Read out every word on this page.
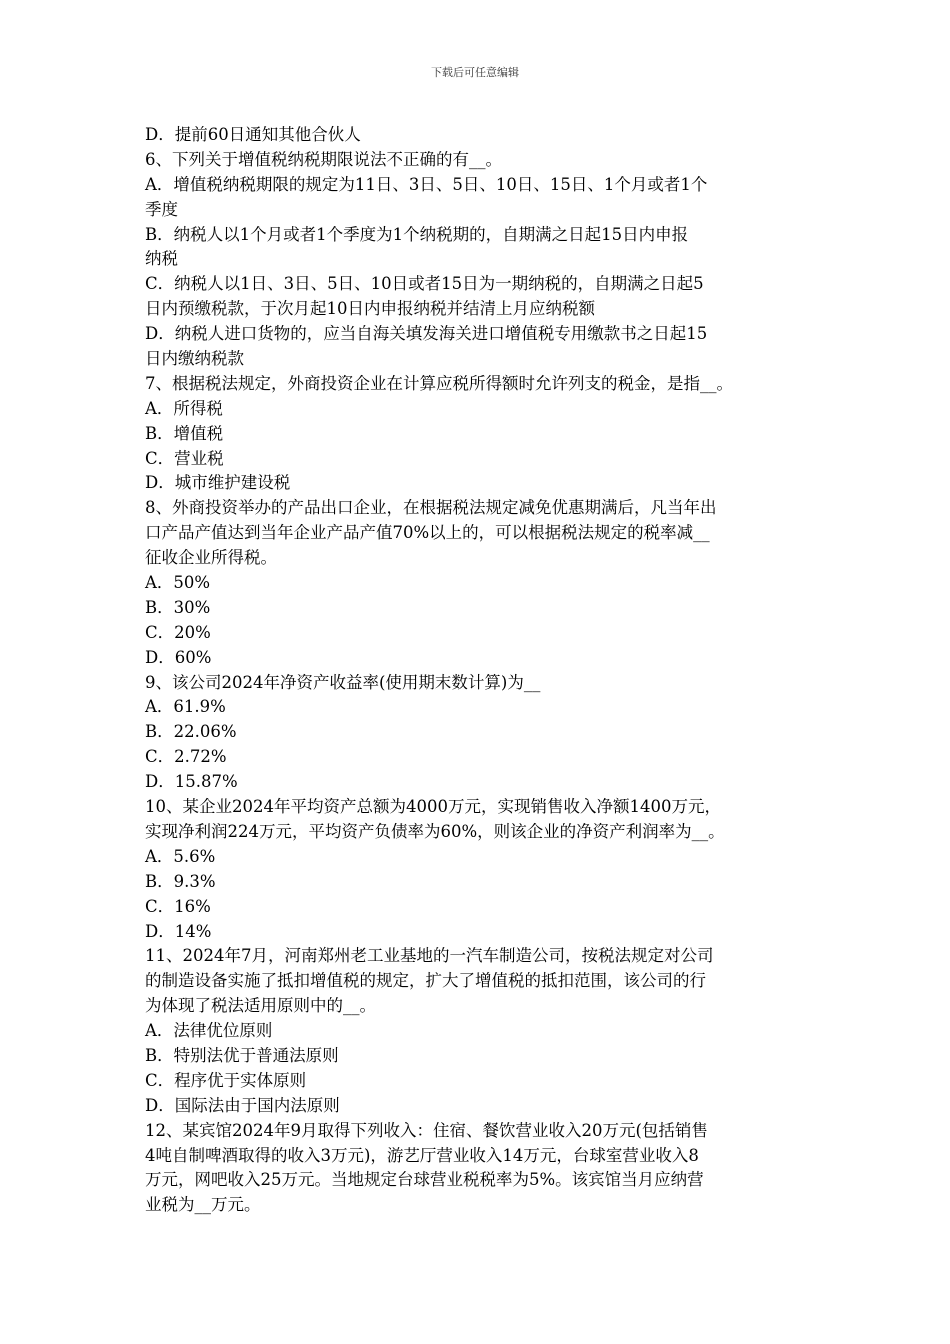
下载后可任意编辑
D．提前60日通知其他合伙人
6、下列关于增值税纳税期限说法不正确的有__。
A．增值税纳税期限的规定为11日、3日、5日、10日、15日、1个月或者1个
季度
B．纳税人以1个月或者1个季度为1个纳税期的，自期满之日起15日内申报
纳税
C．纳税人以1日、3日、5日、10日或者15日为一期纳税的，自期满之日起5
日内预缴税款，于次月起10日内申报纳税并结清上月应纳税额
D．纳税人进口货物的，应当自海关填发海关进口增值税专用缴款书之日起15
日内缴纳税款
7、根据税法规定，外商投资企业在计算应税所得额时允许列支的税金，是指__。
A．所得税
B．增值税
C．营业税
D．城市维护建设税
8、外商投资举办的产品出口企业，在根据税法规定减免优惠期满后，凡当年出
口产品产值达到当年企业产品产值70%以上的，可以根据税法规定的税率减__
征收企业所得税。
A．50%
B．30%
C．20%
D．60%
9、该公司2024年净资产收益率(使用期末数计算)为__
A．61.9%
B．22.06%
C．2.72%
D．15.87%
10、某企业2024年平均资产总额为4000万元，实现销售收入净额1400万元，
实现净利润224万元，平均资产负债率为60%，则该企业的净资产利润率为__。
A．5.6%
B．9.3%
C．16%
D．14%
11、2024年7月，河南郑州老工业基地的一汽车制造公司，按税法规定对公司
的制造设备实施了抵扣增值税的规定，扩大了增值税的抵扣范围，该公司的行
为体现了税法适用原则中的__。
A．法律优位原则
B．特别法优于普通法原则
C．程序优于实体原则
D．国际法由于国内法原则
12、某宾馆2024年9月取得下列收入：住宿、餐饮营业收入20万元(包括销售
4吨自制啤酒取得的收入3万元)，游艺厅营业收入14万元，台球室营业收入8
万元，网吧收入25万元。当地规定台球营业税税率为5%。该宾馆当月应纳营
业税为__万元。
